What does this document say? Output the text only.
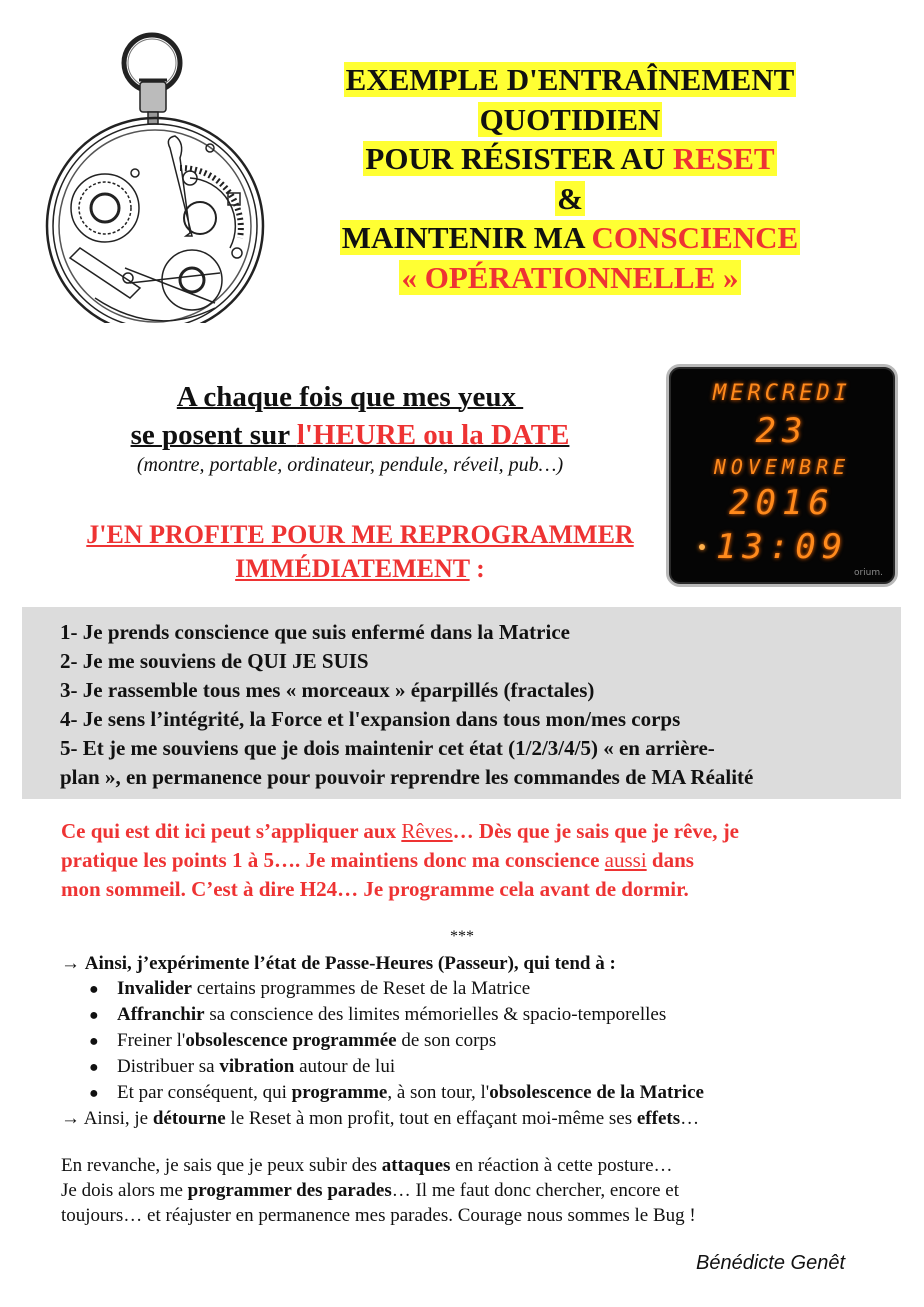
EXEMPLE D'ENTRAÎNEMENT
QUOTIDIEN
POUR RÉSISTER AU RESET
&
MAINTENIR MA CONSCIENCE
« OPÉRATIONNELLE »
A chaque fois que mes yeux
se posent sur l'HEURE ou la DATE
(montre, portable, ordinateur, pendule, réveil, pub…)
J'EN PROFITE POUR ME REPROGRAMMER
IMMÉDIATEMENT :
MERCREDI
23
NOVEMBRE
2016
13:09
orium.
1- Je prends conscience que suis enfermé dans la Matrice
2- Je me souviens de QUI JE SUIS
3- Je rassemble tous mes « morceaux » éparpillés (fractales)
4- Je sens l’intégrité, la Force et l'expansion dans tous mon/mes corps
5- Et je me souviens que je dois maintenir cet état (1/2/3/4/5) « en arrière-
plan », en permanence pour pouvoir reprendre les commandes de MA Réalité
Ce qui est dit ici peut s’appliquer aux Rêves… Dès que je sais que je rêve, je
pratique les points 1 à 5…. Je maintiens donc ma conscience aussi dans
mon sommeil. C’est à dire H24… Je programme cela avant de dormir.
***
→ Ainsi, j’expérimente l’état de Passe-Heures (Passeur), qui tend à :
● Invalider certains programmes de Reset de la Matrice
● Affranchir sa conscience des limites mémorielles & spacio-temporelles
● Freiner l'obsolescence programmée de son corps
● Distribuer sa vibration autour de lui
● Et par conséquent, qui programme, à son tour, l'obsolescence de la Matrice
→ Ainsi, je détourne le Reset à mon profit, tout en effaçant moi-même ses effets…
En revanche, je sais que je peux subir des attaques en réaction à cette posture…
Je dois alors me programmer des parades… Il me faut donc chercher, encore et
toujours… et réajuster en permanence mes parades. Courage nous sommes le Bug !
Bénédicte Genêt
